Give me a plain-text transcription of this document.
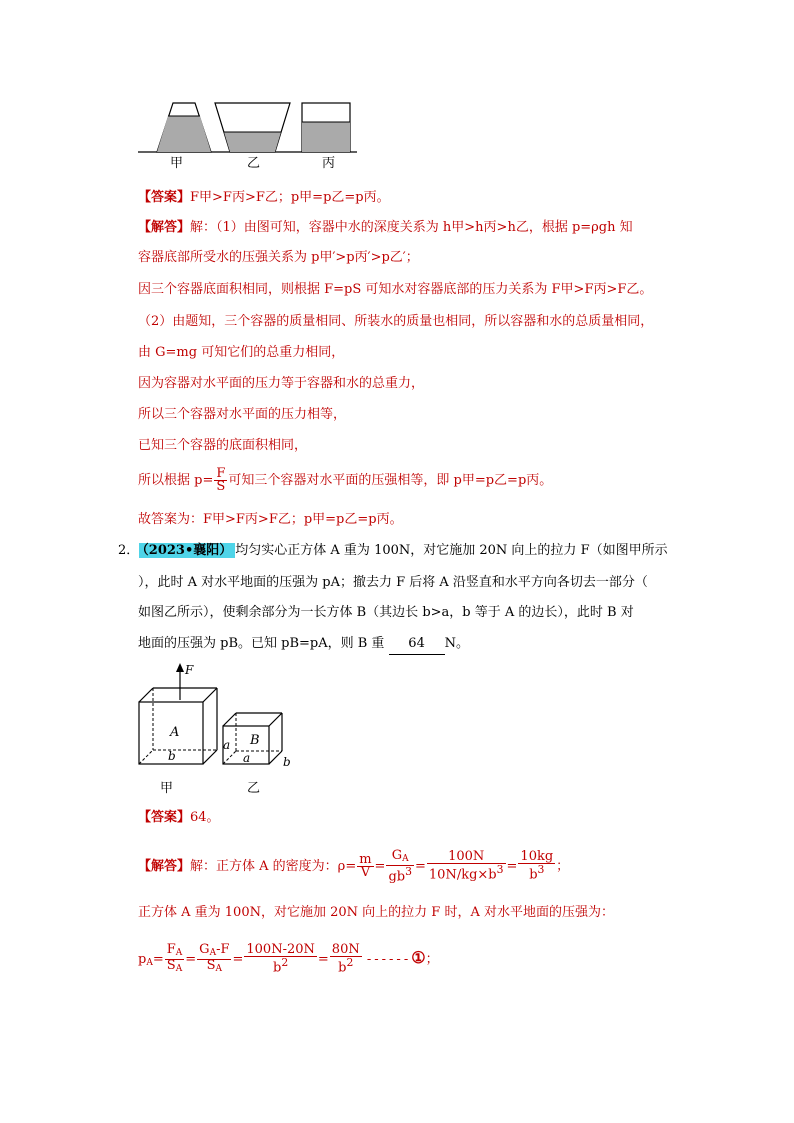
甲	乙	丙
【答案】F甲>F丙>F乙；p甲=p乙=p丙。
【解答】解：（1）由图可知，容器中水的深度关系为 h甲>h丙>h乙，根据 p=ρgh 知
容器底部所受水的压强关系为 p甲′>p丙′>p乙′；
因三个容器底面积相同，则根据 F=pS 可知水对容器底部的压力关系为 F甲>F丙>F乙。
（2）由题知，三个容器的质量相同、所装水的质量也相同，所以容器和水的总质量相同，
由 G=mg 可知它们的总重力相同，
因为容器对水平面的压力等于容器和水的总重力，
所以三个容器对水平面的压力相等，
已知三个容器的底面积相同，
所以根据 $p= \frac{F}{S}$ 可知三个容器对水平面的压强相等，即 p甲=p乙=p丙。
故答案为：F甲>F丙>F乙；p甲=p乙=p丙。
2． （2023•襄阳） 均匀实心正方体 A 重为 100N，对它施加 20N 向上的拉力 F（如图甲所示
），此时 A 对水平地面的压强为 pA；撤去力 F 后将 A 沿竖直和水平方向各切去一部分（
如图乙所示），使剩余部分为一长方体 B（其边长 b>a，b 等于 A 的边长），此时 B 对
地面的压强为 pB。已知 pB=pA，则 B 重 64 N。
F
A
b
B
a
a	b
甲	乙
【答案】64。
【解答】解：正方体 A 的密度为：$\rho= \frac{m}{V} = \frac{G_A}{gb^3} = \frac{100N}{10N/kg\times b^3} = \frac{10kg}{b^3}$ ；
正方体 A 重为 100N，对它施加 20N 向上的拉力 F 时，A 对水平地面的压强为：
$p_A= \frac{F_A}{S_A} = \frac{G_A-F}{S_A} = \frac{100N-20N}{b^2} = \frac{80N}{b^2}$ ------①；
